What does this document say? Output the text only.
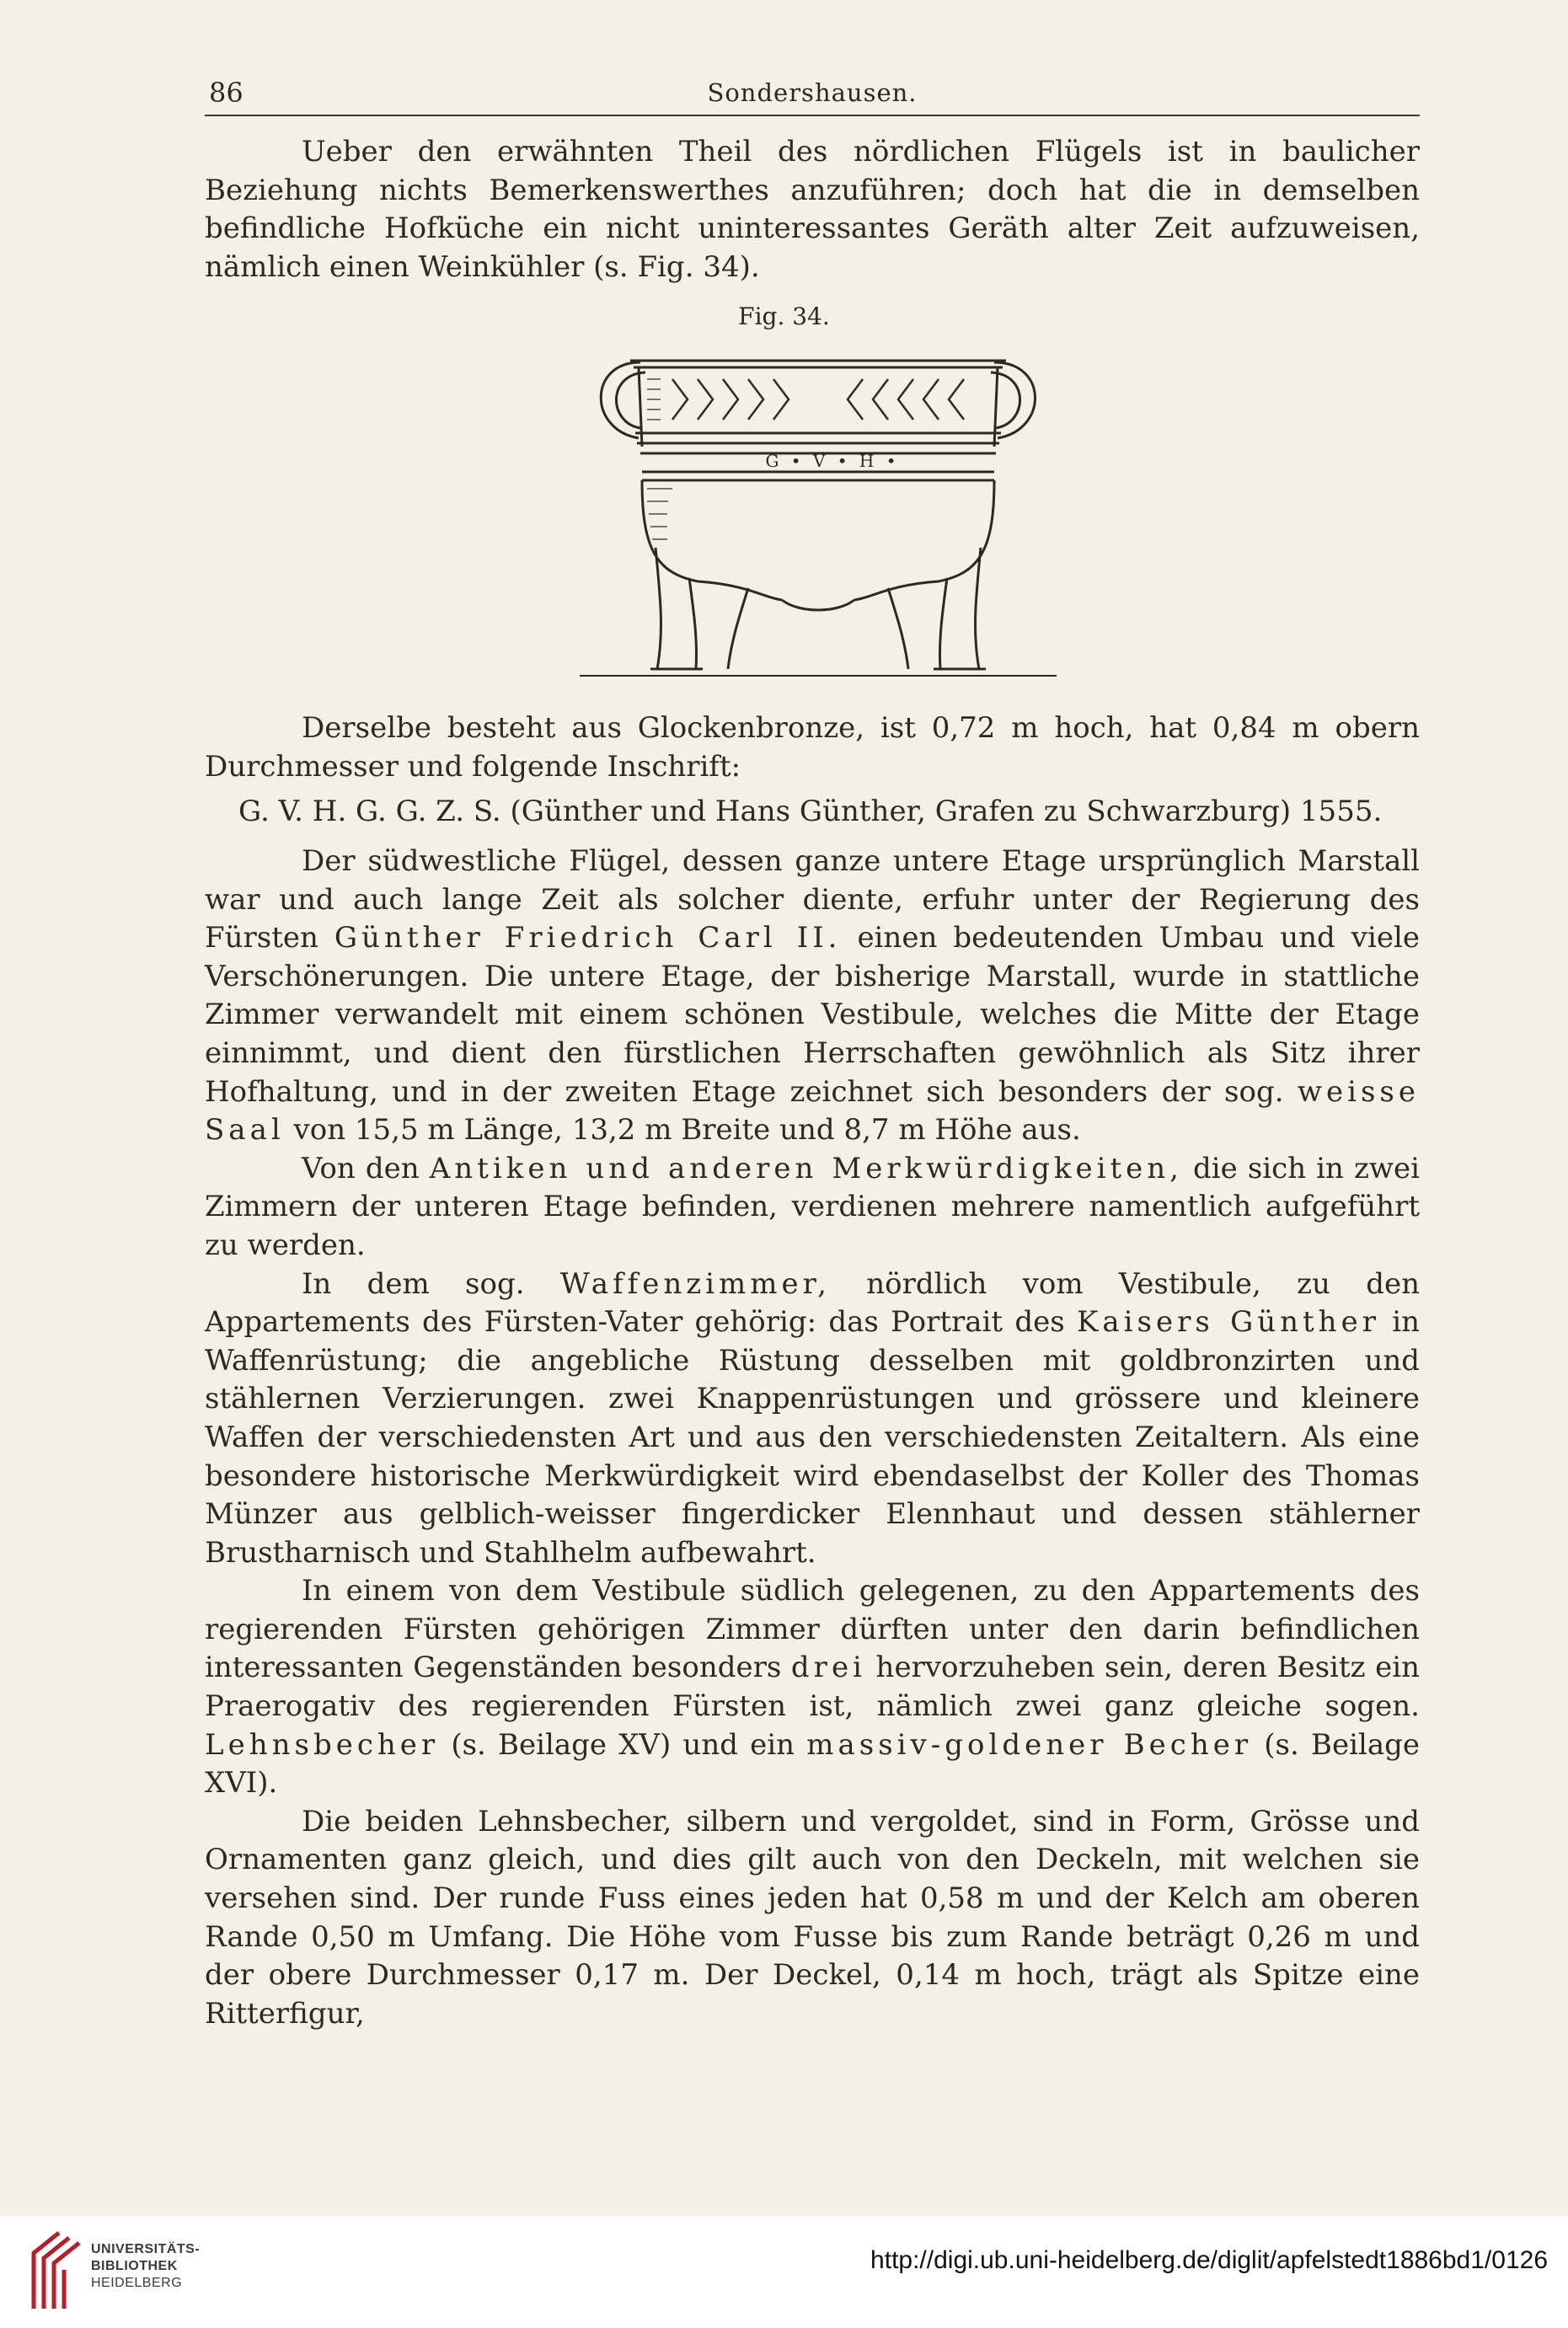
86	Sondershausen.

Ueber den erwähnten Theil des nördlichen Flügels ist in baulicher Beziehung nichts Bemerkenswerthes anzuführen; doch hat die in demselben befindliche Hofküche ein nicht uninteressantes Geräth alter Zeit aufzuweisen, nämlich einen Weinkühler (s. Fig. 34).

Fig. 34.
G • V • H •

Derselbe besteht aus Glockenbronze, ist 0,72 m hoch, hat 0,84 m obern Durchmesser und folgende Inschrift:

G. V. H. G. G. Z. S. (Günther und Hans Günther, Grafen zu Schwarzburg) 1555.

Der südwestliche Flügel, dessen ganze untere Etage ursprünglich Marstall war und auch lange Zeit als solcher diente, erfuhr unter der Regierung des Fürsten Günther Friedrich Carl II. einen bedeutenden Umbau und viele Verschönerungen. Die untere Etage, der bisherige Marstall, wurde in stattliche Zimmer verwandelt mit einem schönen Vestibule, welches die Mitte der Etage einnimmt, und dient den fürstlichen Herrschaften gewöhnlich als Sitz ihrer Hofhaltung, und in der zweiten Etage zeichnet sich besonders der sog. weisse Saal von 15,5 m Länge, 13,2 m Breite und 8,7 m Höhe aus.

Von den Antiken und anderen Merkwürdigkeiten, die sich in zwei Zimmern der unteren Etage befinden, verdienen mehrere namentlich aufgeführt zu werden.

In dem sog. Waffenzimmer, nördlich vom Vestibule, zu den Appartements des Fürsten-Vater gehörig: das Portrait des Kaisers Günther in Waffenrüstung; die angebliche Rüstung desselben mit goldbronzirten und stählernen Verzierungen. zwei Knappenrüstungen und grössere und kleinere Waffen der verschiedensten Art und aus den verschiedensten Zeitaltern. Als eine besondere historische Merkwürdigkeit wird ebendaselbst der Koller des Thomas Münzer aus gelblich-weisser fingerdicker Elennhaut und dessen stählerner Brustharnisch und Stahlhelm aufbewahrt.

In einem von dem Vestibule südlich gelegenen, zu den Appartements des regierenden Fürsten gehörigen Zimmer dürften unter den darin befindlichen interessanten Gegenständen besonders drei hervorzuheben sein, deren Besitz ein Praerogativ des regierenden Fürsten ist, nämlich zwei ganz gleiche sogen. Lehnsbecher (s. Beilage XV) und ein massiv-goldener Becher (s. Beilage XVI).

Die beiden Lehnsbecher, silbern und vergoldet, sind in Form, Grösse und Ornamenten ganz gleich, und dies gilt auch von den Deckeln, mit welchen sie versehen sind. Der runde Fuss eines jeden hat 0,58 m und der Kelch am oberen Rande 0,50 m Umfang. Die Höhe vom Fusse bis zum Rande beträgt 0,26 m und der obere Durchmesser 0,17 m. Der Deckel, 0,14 m hoch, trägt als Spitze eine Ritterfigur,

UNIVERSITÄTS-
BIBLIOTHEK
HEIDELBERG
http://digi.ub.uni-heidelberg.de/diglit/apfelstedt1886bd1/0126
